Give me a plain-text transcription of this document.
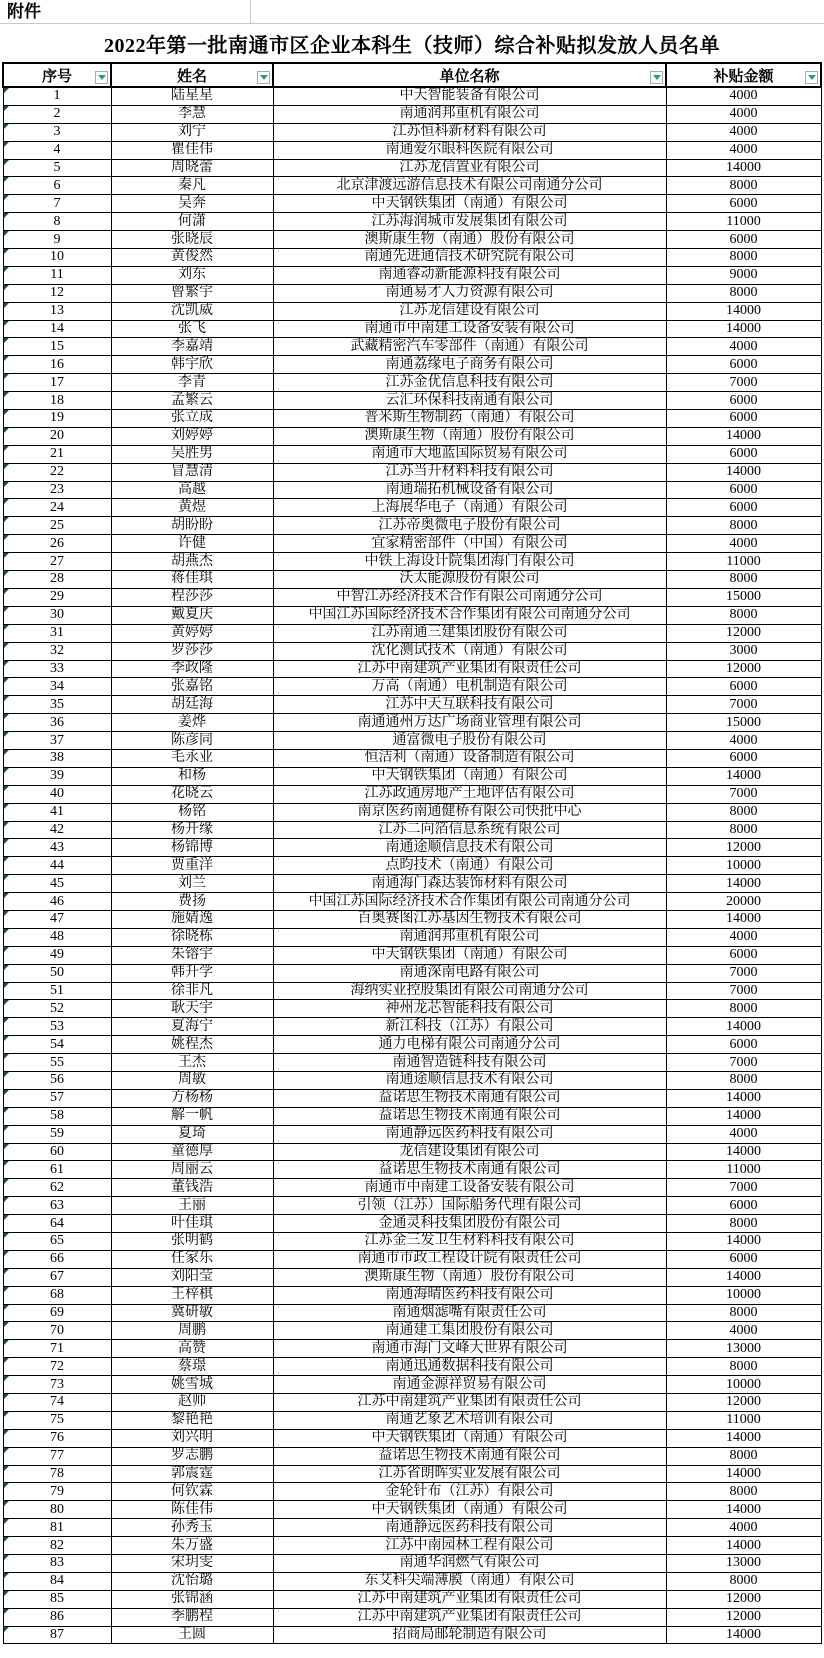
附件
2022年第一批南通市区企业本科生（技师）综合补贴拟发放人员名单
序号	姓名	单位名称	补贴金额

1	陆星星	中天智能装备有限公司	4000

2	李慧	南通润邦重机有限公司	4000

3	刘宁	江苏恒科新材料有限公司	4000

4	瞿佳伟	南通爱尔眼科医院有限公司	4000

5	周晓蕾	江苏龙信置业有限公司	14000

6	秦凡	北京津渡远游信息技术有限公司南通分公司	8000

7	吴奔	中天钢铁集团（南通）有限公司	6000

8	何潇	江苏海润城市发展集团有限公司	11000

9	张晓辰	澳斯康生物（南通）股份有限公司	6000

10	黄俊然	南通先进通信技术研究院有限公司	8000

11	刘东	南通睿动新能源科技有限公司	9000

12	曾繁宇	南通易才人力资源有限公司	8000

13	沈凯威	江苏龙信建设有限公司	14000

14	张飞	南通市中南建工设备安装有限公司	14000

15	李嘉靖	武藏精密汽车零部件（南通）有限公司	4000

16	韩宇欣	南通荔缘电子商务有限公司	6000

17	李青	江苏金优信息科技有限公司	7000

18	孟繁云	云汇环保科技南通有限公司	6000

19	张立成	普米斯生物制药（南通）有限公司	6000

20	刘婷婷	澳斯康生物（南通）股份有限公司	14000

21	吴胜男	南通市大地蓝国际贸易有限公司	6000

22	冒慧清	江苏当升材料科技有限公司	14000

23	高越	南通瑞拓机械设备有限公司	6000

24	黄煜	上海展华电子（南通）有限公司	6000

25	胡盼盼	江苏帝奥微电子股份有限公司	8000

26	许健	宜家精密部件（中国）有限公司	4000

27	胡燕杰	中铁上海设计院集团海门有限公司	11000

28	蒋佳琪	沃太能源股份有限公司	8000

29	程莎莎	中智江苏经济技术合作有限公司南通分公司	15000

30	戴夏庆	中国江苏国际经济技术合作集团有限公司南通分公司	8000

31	黄婷婷	江苏南通三建集团股份有限公司	12000

32	罗莎莎	沈化测试技术（南通）有限公司	3000

33	李政隆	江苏中南建筑产业集团有限责任公司	12000

34	张嘉铭	万高（南通）电机制造有限公司	6000

35	胡廷海	江苏中天互联科技有限公司	7000

36	姜烨	南通通州万达广场商业管理有限公司	15000

37	陈彦同	通富微电子股份有限公司	4000

38	毛永业	恒洁利（南通）设备制造有限公司	6000

39	和杨	中天钢铁集团（南通）有限公司	14000

40	花晓云	江苏政通房地产土地评估有限公司	7000

41	杨铭	南京医药南通健桥有限公司快批中心	8000

42	杨开缘	江苏二向箔信息系统有限公司	8000

43	杨锦博	南通途顺信息技术有限公司	12000

44	贾重洋	点昀技术（南通）有限公司	10000

45	刘兰	南通海门森达装饰材料有限公司	14000

46	费扬	中国江苏国际经济技术合作集团有限公司南通分公司	20000

47	施婧逸	百奥赛图江苏基因生物技术有限公司	14000

48	徐晓栋	南通润邦重机有限公司	4000

49	朱镕宇	中天钢铁集团（南通）有限公司	6000

50	韩升学	南通深南电路有限公司	7000

51	徐非凡	海纳实业控股集团有限公司南通分公司	7000

52	耿天宇	神州龙芯智能科技有限公司	8000

53	夏海宁	新江科技（江苏）有限公司	14000

54	姚程杰	通力电梯有限公司南通分公司	6000

55	王杰	南通智造链科技有限公司	7000

56	周敏	南通途顺信息技术有限公司	8000

57	方杨杨	益诺思生物技术南通有限公司	14000

58	解一帆	益诺思生物技术南通有限公司	14000

59	夏琦	南通静远医药科技有限公司	4000

60	童德厚	龙信建设集团有限公司	14000

61	周丽云	益诺思生物技术南通有限公司	11000

62	董钱浩	南通市中南建工设备安装有限公司	7000

63	王丽	引领（江苏）国际船务代理有限公司	6000

64	叶佳琪	金通灵科技集团股份有限公司	8000

65	张明鹤	江苏金三发卫生材料科技有限公司	14000

66	任家乐	南通市市政工程设计院有限责任公司	6000

67	刘阳莹	澳斯康生物（南通）股份有限公司	14000

68	王梓棋	南通海晴医药科技有限公司	10000

69	冀研敏	南通烟滤嘴有限责任公司	8000

70	周鹏	南通建工集团股份有限公司	4000

71	高赞	南通市海门文峰大世界有限公司	13000

72	蔡璟	南通迅通数据科技有限公司	8000

73	姚雪城	南通金源祥贸易有限公司	10000

74	赵帅	江苏中南建筑产业集团有限责任公司	12000

75	黎艳艳	南通艺象艺术培训有限公司	11000

76	刘兴明	中天钢铁集团（南通）有限公司	14000

77	罗志鹏	益诺思生物技术南通有限公司	8000

78	郭震霆	江苏省朗晖实业发展有限公司	14000

79	何钦霖	金轮针布（江苏）有限公司	8000

80	陈佳伟	中天钢铁集团（南通）有限公司	14000

81	孙秀玉	南通静远医药科技有限公司	4000

82	朱万盛	江苏中南园林工程有限公司	14000

83	宋玥雯	南通华润燃气有限公司	13000

84	沈怡璐	东艾科尖端薄膜（南通）有限公司	8000

85	张锦涵	江苏中南建筑产业集团有限责任公司	12000

86	季鹏程	江苏中南建筑产业集团有限责任公司	12000

87	王圆	招商局邮轮制造有限公司	14000
